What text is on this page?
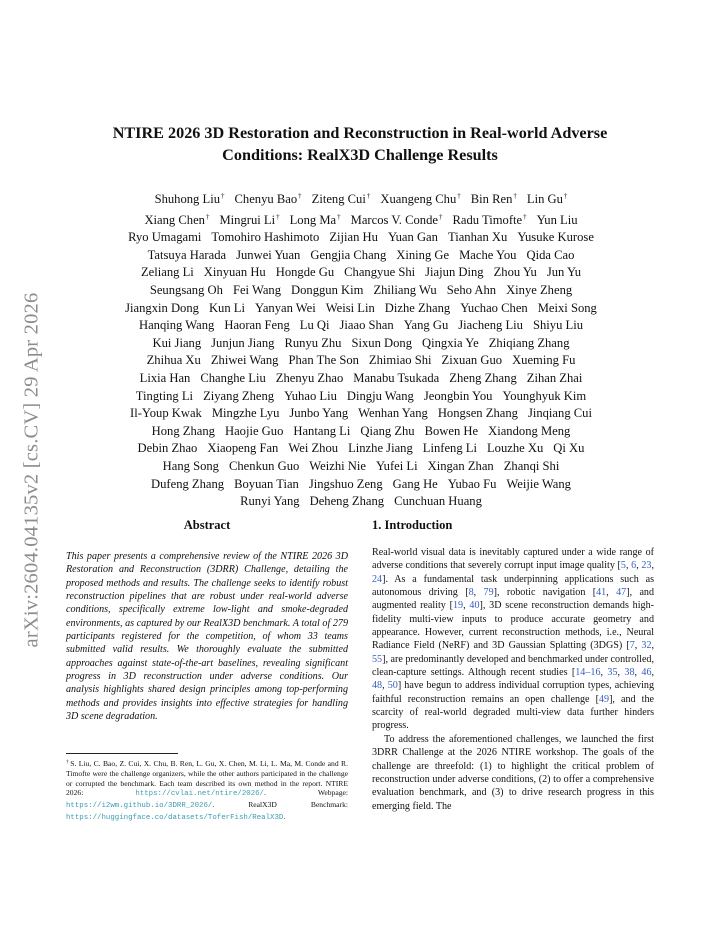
arXiv:2604.04135v2 [cs.CV] 29 Apr 2026
NTIRE 2026 3D Restoration and Reconstruction in Real-world Adverse Conditions: RealX3D Challenge Results
Shuhong Liu† Chenyu Bao† Ziteng Cui† Xuangeng Chu† Bin Ren† Lin Gu†
Xiang Chen† Mingrui Li† Long Ma† Marcos V. Conde† Radu Timofte† Yun Liu
Ryo Umagami Tomohiro Hashimoto Zijian Hu Yuan Gan Tianhan Xu Yusuke Kurose
Tatsuya Harada Junwei Yuan Gengjia Chang Xining Ge Mache You Qida Cao
Zeliang Li Xinyuan Hu Hongde Gu Changyue Shi Jiajun Ding Zhou Yu Jun Yu
Seungsang Oh Fei Wang Donggun Kim Zhiliang Wu Seho Ahn Xinye Zheng
Jiangxin Dong Kun Li Yanyan Wei Weisi Lin Dizhe Zhang Yuchao Chen Meixi Song
Hanqing Wang Haoran Feng Lu Qi Jiaao Shan Yang Gu Jiacheng Liu Shiyu Liu
Kui Jiang Junjun Jiang Runyu Zhu Sixun Dong Qingxia Ye Zhiqiang Zhang
Zhihua Xu Zhiwei Wang Phan The Son Zhimiao Shi Zixuan Guo Xueming Fu
Lixia Han Changhe Liu Zhenyu Zhao Manabu Tsukada Zheng Zhang Zihan Zhai
Tingting Li Ziyang Zheng Yuhao Liu Dingju Wang Jeongbin You Younghyuk Kim
Il-Youp Kwak Mingzhe Lyu Junbo Yang Wenhan Yang Hongsen Zhang Jinqiang Cui
Hong Zhang Haojie Guo Hantang Li Qiang Zhu Bowen He Xiandong Meng
Debin Zhao Xiaopeng Fan Wei Zhou Linzhe Jiang Linfeng Li Louzhe Xu Qi Xu
Hang Song Chenkun Guo Weizhi Nie Yufei Li Xingan Zhan Zhanqi Shi
Dufeng Zhang Boyuan Tian Jingshuo Zeng Gang He Yubao Fu Weijie Wang
Runyi Yang Deheng Zhang Cunchuan Huang
Abstract
This paper presents a comprehensive review of the NTIRE 2026 3D Restoration and Reconstruction (3DRR) Challenge, detailing the proposed methods and results. The challenge seeks to identify robust reconstruction pipelines that are robust under real-world adverse conditions, specifically extreme low-light and smoke-degraded environments, as captured by our RealX3D benchmark. A total of 279 participants registered for the competition, of whom 33 teams submitted valid results. We thoroughly evaluate the submitted approaches against state-of-the-art baselines, revealing significant progress in 3D reconstruction under adverse conditions. Our analysis highlights shared design principles among top-performing methods and provides insights into effective strategies for handling 3D scene degradation.
†S. Liu, C. Bao, Z. Cui, X. Chu, B. Ren, L. Gu, X. Chen, M. Li, L. Ma, M. Conde and R. Timofte were the challenge organizers, while the other authors participated in the challenge or corrupted the benchmark. Each team described its own method in the report. NTIRE 2026: https://cvlai.net/ntire/2026/. Webpage: https://i2wm.github.io/3DRR_2026/. RealX3D Benchmark: https://huggingface.co/datasets/ToferFish/RealX3D.
1. Introduction

Real-world visual data is inevitably captured under a wide range of adverse conditions that severely corrupt input image quality [5, 6, 23, 24]. As a fundamental task underpinning applications such as autonomous driving [8, 79], robotic navigation [41, 47], and augmented reality [19, 40], 3D scene reconstruction demands high-fidelity multi-view inputs to produce accurate geometry and appearance. However, current reconstruction methods, i.e., Neural Radiance Field (NeRF) and 3D Gaussian Splatting (3DGS) [7, 32, 55], are predominantly developed and benchmarked under controlled, clean-capture settings. Although recent studies [14–16, 35, 38, 46, 48, 50] have begun to address individual corruption types, achieving faithful reconstruction remains an open challenge [49], and the scarcity of real-world degraded multi-view data further hinders progress.

To address the aforementioned challenges, we launched the first 3DRR Challenge at the 2026 NTIRE workshop. The goals of the challenge are threefold: (1) to highlight the critical problem of reconstruction under adverse conditions, (2) to offer a comprehensive evaluation benchmark, and (3) to drive research progress in this emerging field. The
